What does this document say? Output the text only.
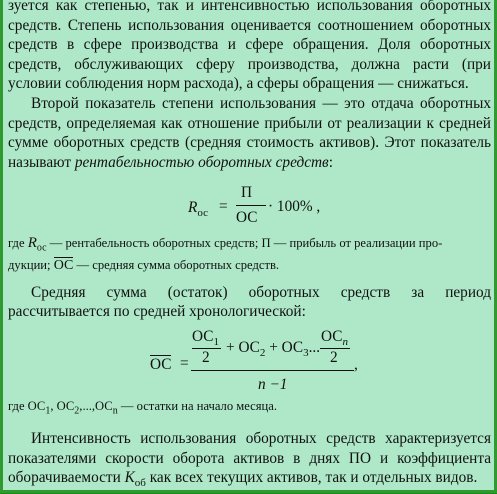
зуется как степенью, так и интенсивностью использования оборотных средств. Степень использования оценивается соотношением оборотных средств в сфере производства и сфере обращения. Доля оборотных средств, обслуживающих сферу производства, должна расти (при условии соблюдения норм расхода), а сферы обращения — снижаться.

Второй показатель степени использования — это отдача оборотных средств, определяемая как отношение прибыли от реализации к средней сумме оборотных средств (средняя стоимость активов). Этот показатель называют рентабельностью оборотных средств:

$R_{ос}$ =
П
ОС
· 100% ,
где $R_{ос}$ — рентабельность оборотных средств; П — прибыль от реализации про-
дукции; ОС — средняя сумма оборотных средств.

Средняя сумма (остаток) оборотных средств за период рассчитывается по средней хронологической:

ОС =
$ОС_1$
2
+ $ОС_2 + ОС_3$...
$ОС_n$
2
n −1
,
где $ОС_1$, $ОС_2,...,ОС_n$ — остатки на начало месяца.

Интенсивность использования оборотных средств характеризуется показателями скорости оборота активов в днях ПО и коэффициента оборачиваемости $K_{об}$ как всех текущих активов, так и отдельных видов.
